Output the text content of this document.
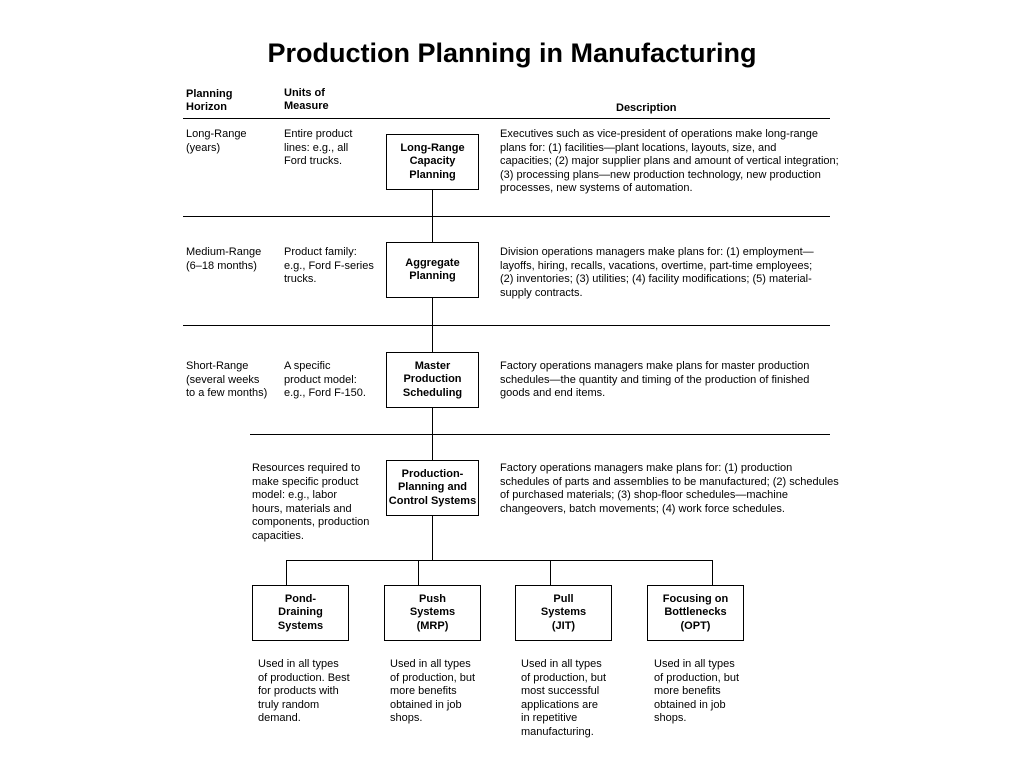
Production Planning in Manufacturing
Planning
Horizon
Units of
Measure	Description
Long-Range
(years)
Entire product
lines: e.g., all
Ford trucks.
Long-Range
Capacity
Planning
Executives such as vice-president of operations make long-range
plans for: (1) facilities—plant locations, layouts, size, and
capacities; (2) major supplier plans and amount of vertical integration;
(3) processing plans—new production technology, new production
processes, new systems of automation.
Medium-Range
(6–18 months)
Product family:
e.g., Ford F-series
trucks.
Aggregate
Planning
Division operations managers make plans for: (1) employment—
layoffs, hiring, recalls, vacations, overtime, part-time employees;
(2) inventories; (3) utilities; (4) facility modifications; (5) material-
supply contracts.
Short-Range
(several weeks
to a few months)
A specific
product model:
e.g., Ford F-150.
Master
Production
Scheduling
Factory operations managers make plans for master production
schedules—the quantity and timing of the production of finished
goods and end items.
Resources required to
make specific product
model: e.g., labor
hours, materials and
components, production
capacities.
Production-
Planning and
Control Systems
Factory operations managers make plans for: (1) production
schedules of parts and assemblies to be manufactured; (2) schedules
of purchased materials; (3) shop-floor schedules—machine
changeovers, batch movements; (4) work force schedules.
Pond-
Draining
Systems
Push
Systems
(MRP)
Pull
Systems
(JIT)
Focusing on
Bottlenecks
(OPT)
Used in all types
of production. Best
for products with
truly random
demand.
Used in all types
of production, but
more benefits
obtained in job
shops.
Used in all types
of production, but
most successful
applications are
in repetitive
manufacturing.
Used in all types
of production, but
more benefits
obtained in job
shops.
